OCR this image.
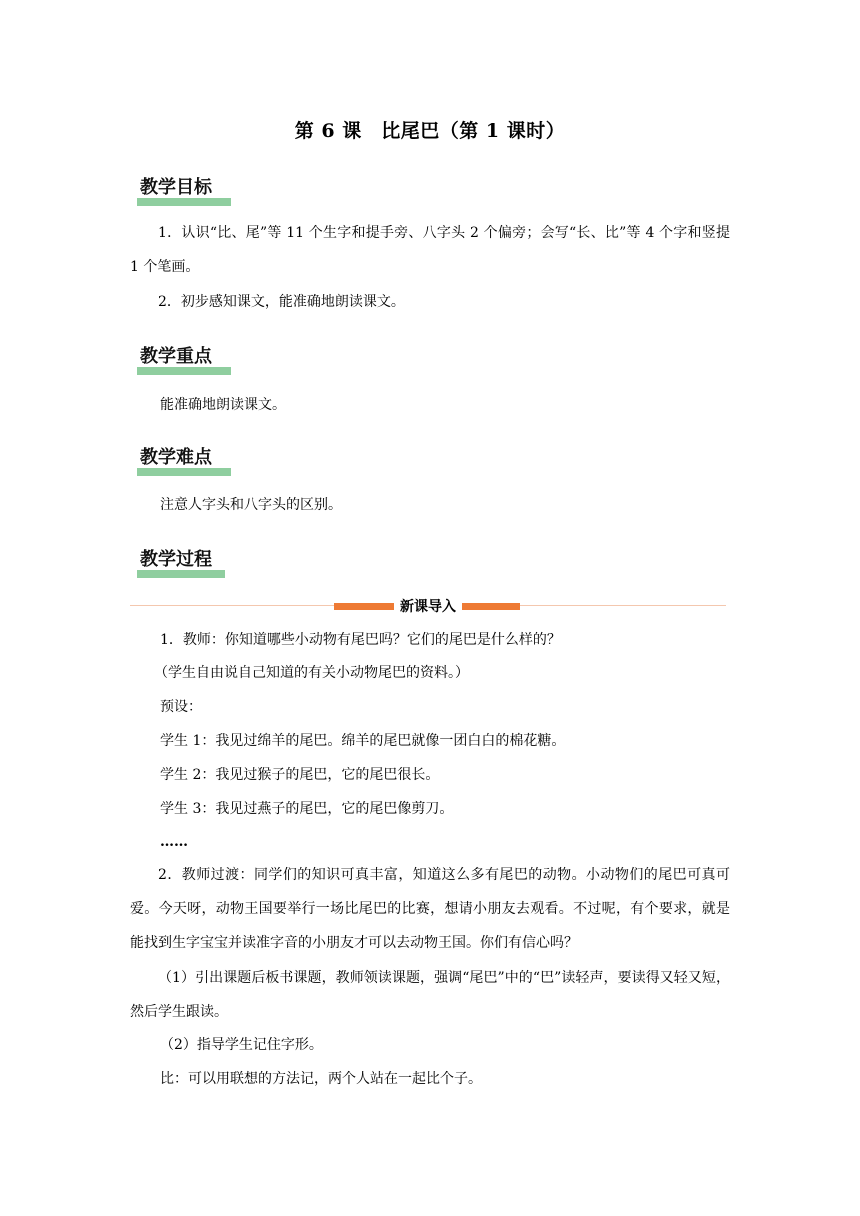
第 6 课　比尾巴（第 1 课时）
教学目标
1．认识“比、尾”等 11 个生字和提手旁、八字头 2 个偏旁；会写“长、比”等 4 个字和竖提 1 个笔画。
2．初步感知课文，能准确地朗读课文。
教学重点
能准确地朗读课文。
教学难点
注意人字头和八字头的区别。
教学过程
新课导入
1．教师：你知道哪些小动物有尾巴吗？它们的尾巴是什么样的？
（学生自由说自己知道的有关小动物尾巴的资料。）
预设：
学生 1：我见过绵羊的尾巴。绵羊的尾巴就像一团白白的棉花糖。
学生 2：我见过猴子的尾巴，它的尾巴很长。
学生 3：我见过燕子的尾巴，它的尾巴像剪刀。
……
2．教师过渡：同学们的知识可真丰富，知道这么多有尾巴的动物。小动物们的尾巴可真可爱。今天呀，动物王国要举行一场比尾巴的比赛，想请小朋友去观看。不过呢，有个要求，就是能找到生字宝宝并读准字音的小朋友才可以去动物王国。你们有信心吗？
（1）引出课题后板书课题，教师领读课题，强调“尾巴”中的“巴”读轻声，要读得又轻又短，然后学生跟读。
（2）指导学生记住字形。
比：可以用联想的方法记，两个人站在一起比个子。
